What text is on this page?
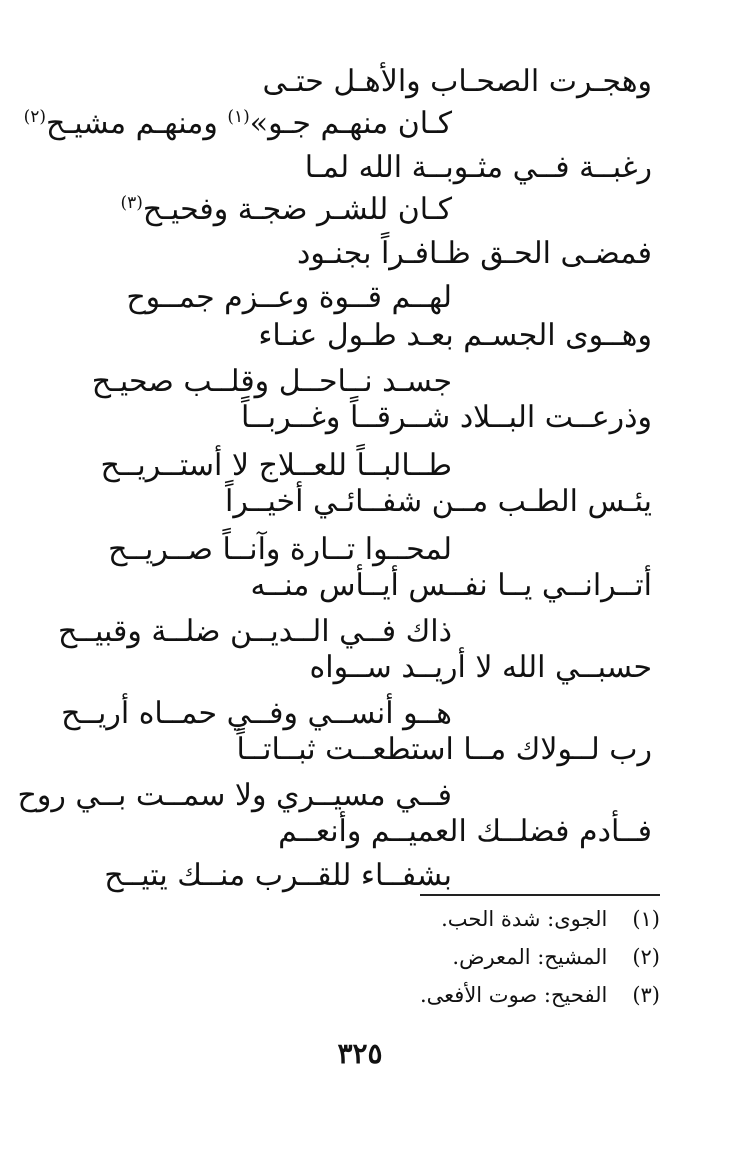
وهجـرت الصحـاب والأهـل حتـى
كـان منهـم جـو»$^{(١)}$ ومنهـم مشيـح$^{(٢)}$
رغبــة فــي مثـوبــة الله لمـا
كـان للشـر ضجـة وفحيـح$^{(٣)}$
فمضـى الحـق ظـافـراً بجنـود
لهــم قــوة وعــزم جمــوح
وهــوى الجسـم بعـد طـول عنـاء
جسـد نــاحــل وقلــب صحيـح
وذرعــت البــلاد شــرقــاً وغــربــاً
طــالبــاً للعــلاج لا أستــريــح
يئـس الطـب مــن شفــائـي أخيــراً
لمحــوا تــارة وآنــاً صــريــح
أتــرانــي يــا نفــس أيــأس منــه
ذاك فــي الــديــن ضلــة وقبيــح
حسبــي الله لا أريــد ســواه
هــو أنســي وفــي حمــاه أريــح
رب لــولاك مــا استطعــت ثبــاتــاً
فــي مسيــري ولا سمــت بــي روح
فــأدم فضلــك العميــم وأنعــم
بشفــاء للقــرب منــك يتيــح
(١) الجوى: شدة الحب.
(٢) المشيح: المعرض.
(٣) الفحيح: صوت الأفعى.
٣٢٥
